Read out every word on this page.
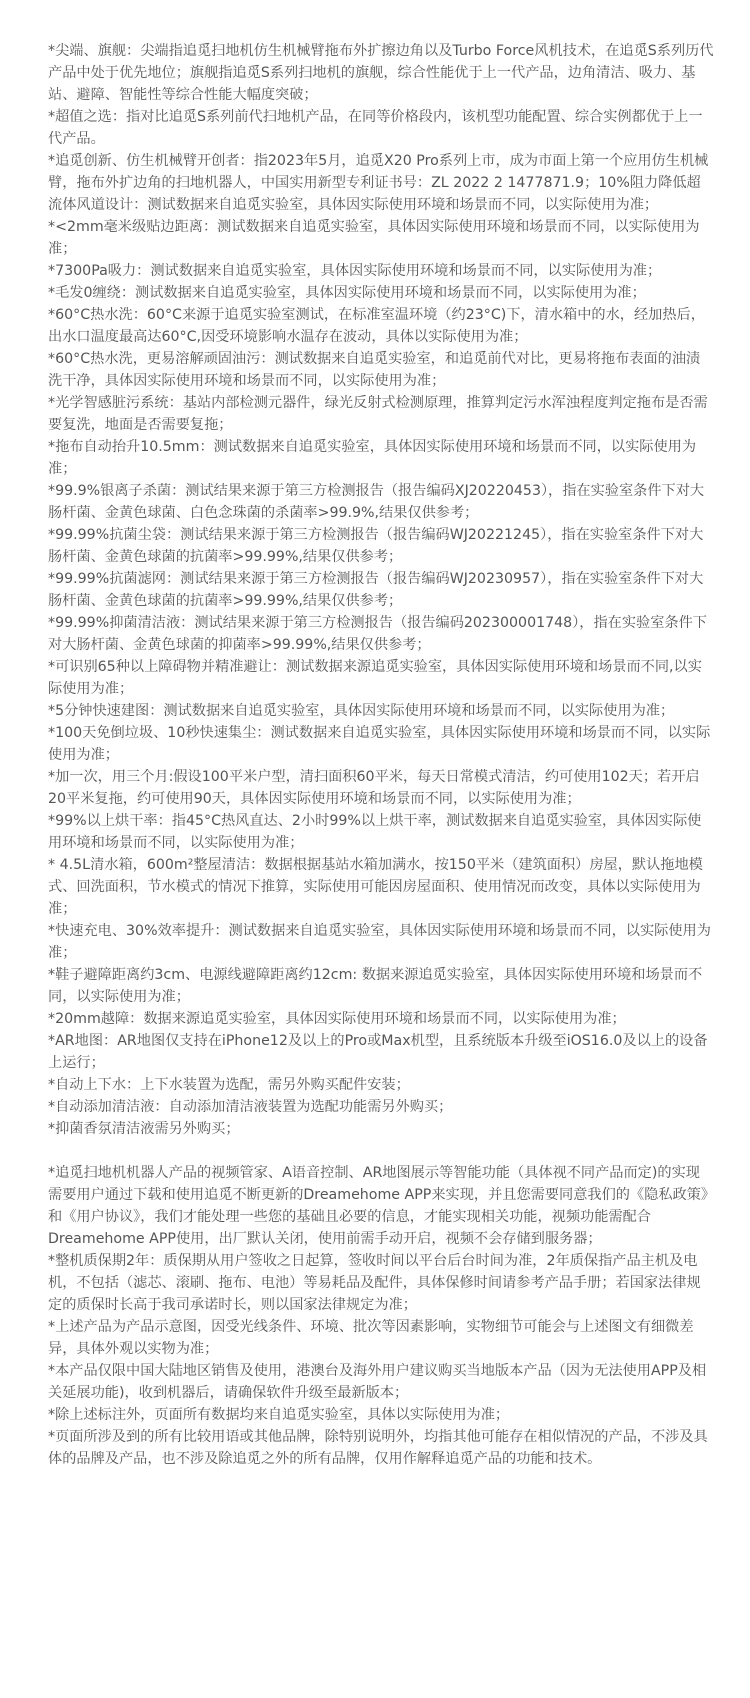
*尖端、旗舰：尖端指追觅扫地机仿生机械臂拖布外扩擦边角以及Turbo Force风机技术，在追觅S系列历代产品中处于优先地位；旗舰指追觅S系列扫地机的旗舰，综合性能优于上一代产品，边角清洁、吸力、基站、避障、智能性等综合性能大幅度突破；

*超值之选：指对比追觅S系列前代扫地机产品，在同等价格段内，该机型功能配置、综合实例都优于上一代产品。

*追觅创新、仿生机械臂开创者：指2023年5月，追觅X20 Pro系列上市，成为市面上第一个应用仿生机械臂，拖布外扩边角的扫地机器人，中国实用新型专利证书号：ZL 2022 2 1477871.9；10%阻力降低超流体风道设计：测试数据来自追觅实验室，具体因实际使用环境和场景而不同，以实际使用为准；

*<2mm毫米级贴边距离：测试数据来自追觅实验室，具体因实际使用环境和场景而不同，以实际使用为准；

*7300Pa吸力：测试数据来自追觅实验室，具体因实际使用环境和场景而不同，以实际使用为准；

*毛发0缠绕：测试数据来自追觅实验室，具体因实际使用环境和场景而不同，以实际使用为准；

*60°C热水洗：60°C来源于追觅实验室测试，在标准室温环境（约23°C)下，清水箱中的水，经加热后，出水口温度最高达60°C,因受环境影响水温存在波动，具体以实际使用为准；

*60°C热水洗，更易溶解顽固油污：测试数据来自追觅实验室，和追觅前代对比，更易将拖布表面的油渍洗干净，具体因实际使用环境和场景而不同，以实际使用为准；

*光学智感脏污系统：基站内部检测元器件，绿光反射式检测原理，推算判定污水浑浊程度判定拖布是否需要复洗，地面是否需要复拖；

*拖布自动抬升10.5mm：测试数据来自追觅实验室，具体因实际使用环境和场景而不同，以实际使用为准；

*99.9%银离子杀菌：测试结果来源于第三方检测报告（报告编码XJ20220453），指在实验室条件下对大肠杆菌、金黄色球菌、白色念珠菌的杀菌率>99.9%,结果仅供参考；

*99.99%抗菌尘袋：测试结果来源于第三方检测报告（报告编码WJ20221245），指在实验室条件下对大肠杆菌、金黄色球菌的抗菌率>99.99%,结果仅供参考；

*99.99%抗菌滤网：测试结果来源于第三方检测报告（报告编码WJ20230957），指在实验室条件下对大肠杆菌、金黄色球菌的抗菌率>99.99%,结果仅供参考；

*99.99%抑菌清洁液：测试结果来源于第三方检测报告（报告编码202300001748），指在实验室条件下对大肠杆菌、金黄色球菌的抑菌率>99.99%,结果仅供参考；

*可识别65种以上障碍物并精准避让：测试数据来源追觅实验室，具体因实际使用环境和场景而不同,以实际使用为准；

*5分钟快速建图：测试数据来自追觅实验室，具体因实际使用环境和场景而不同，以实际使用为准；

*100天免倒垃圾、10秒快速集尘：测试数据来自追觅实验室，具体因实际使用环境和场景而不同，以实际使用为准；

*加一次，用三个月:假设100平米户型，清扫面积60平米，每天日常模式清洁，约可使用102天；若开启20平米复拖，约可使用90天，具体因实际使用环境和场景而不同，以实际使用为准；

*99%以上烘干率：指45°C热风直达、2小时99%以上烘干率，测试数据来自追觅实验室，具体因实际使用环境和场景而不同，以实际使用为准；

* 4.5L清水箱，600m²整屋清洁：数据根据基站水箱加满水，按150平米（建筑面积）房屋，默认拖地模式、回洗面积，节水模式的情况下推算，实际使用可能因房屋面积、使用情况而改变，具体以实际使用为准；

*快速充电、30%效率提升：测试数据来自追觅实验室，具体因实际使用环境和场景而不同，以实际使用为准；

*鞋子避障距离约3cm、电源线避障距离约12cm: 数据来源追觅实验室，具体因实际使用环境和场景而不同，以实际使用为准；

*20mm越障：数据来源追觅实验室，具体因实际使用环境和场景而不同，以实际使用为准；

*AR地图：AR地图仅支持在iPhone12及以上的Pro或Max机型，且系统版本升级至iOS16.0及以上的设备上运行；

*自动上下水：上下水装置为选配，需另外购买配件安装；

*自动添加清洁液：自动添加清洁液装置为选配功能需另外购买；

*抑菌香氛清洁液需另外购买；

*追觅扫地机机器人产品的视频管家、A语音控制、AR地图展示等智能功能（具体视不同产品而定)的实现需要用户通过下载和使用追觅不断更新的Dreamehome APP来实现，并且您需要同意我们的《隐私政策》和《用户协议》，我们才能处理一些您的基础且必要的信息，才能实现相关功能，视频功能需配合Dreamehome APP使用，出厂默认关闭，使用前需手动开启，视频不会存储到服务器；

*整机质保期2年：质保期从用户签收之日起算，签收时间以平台后台时间为准，2年质保指产品主机及电机，不包括（滤芯、滚刷、拖布、电池）等易耗品及配件，具体保修时间请参考产品手册；若国家法律规定的质保时长高于我司承诺时长，则以国家法律规定为准；

*上述产品为产品示意图，因受光线条件、环境、批次等因素影响，实物细节可能会与上述图文有细微差异，具体外观以实物为准；

*本产品仅限中国大陆地区销售及使用，港澳台及海外用户建议购买当地版本产品（因为无法使用APP及相关延展功能)，收到机器后，请确保软件升级至最新版本；

*除上述标注外，页面所有数据均来自追觅实验室，具体以实际使用为准；

*页面所涉及到的所有比较用语或其他品牌，除特别说明外，均指其他可能存在相似情况的产品，不涉及具体的品牌及产品，也不涉及除追觅之外的所有品牌，仅用作解释追觅产品的功能和技术。
